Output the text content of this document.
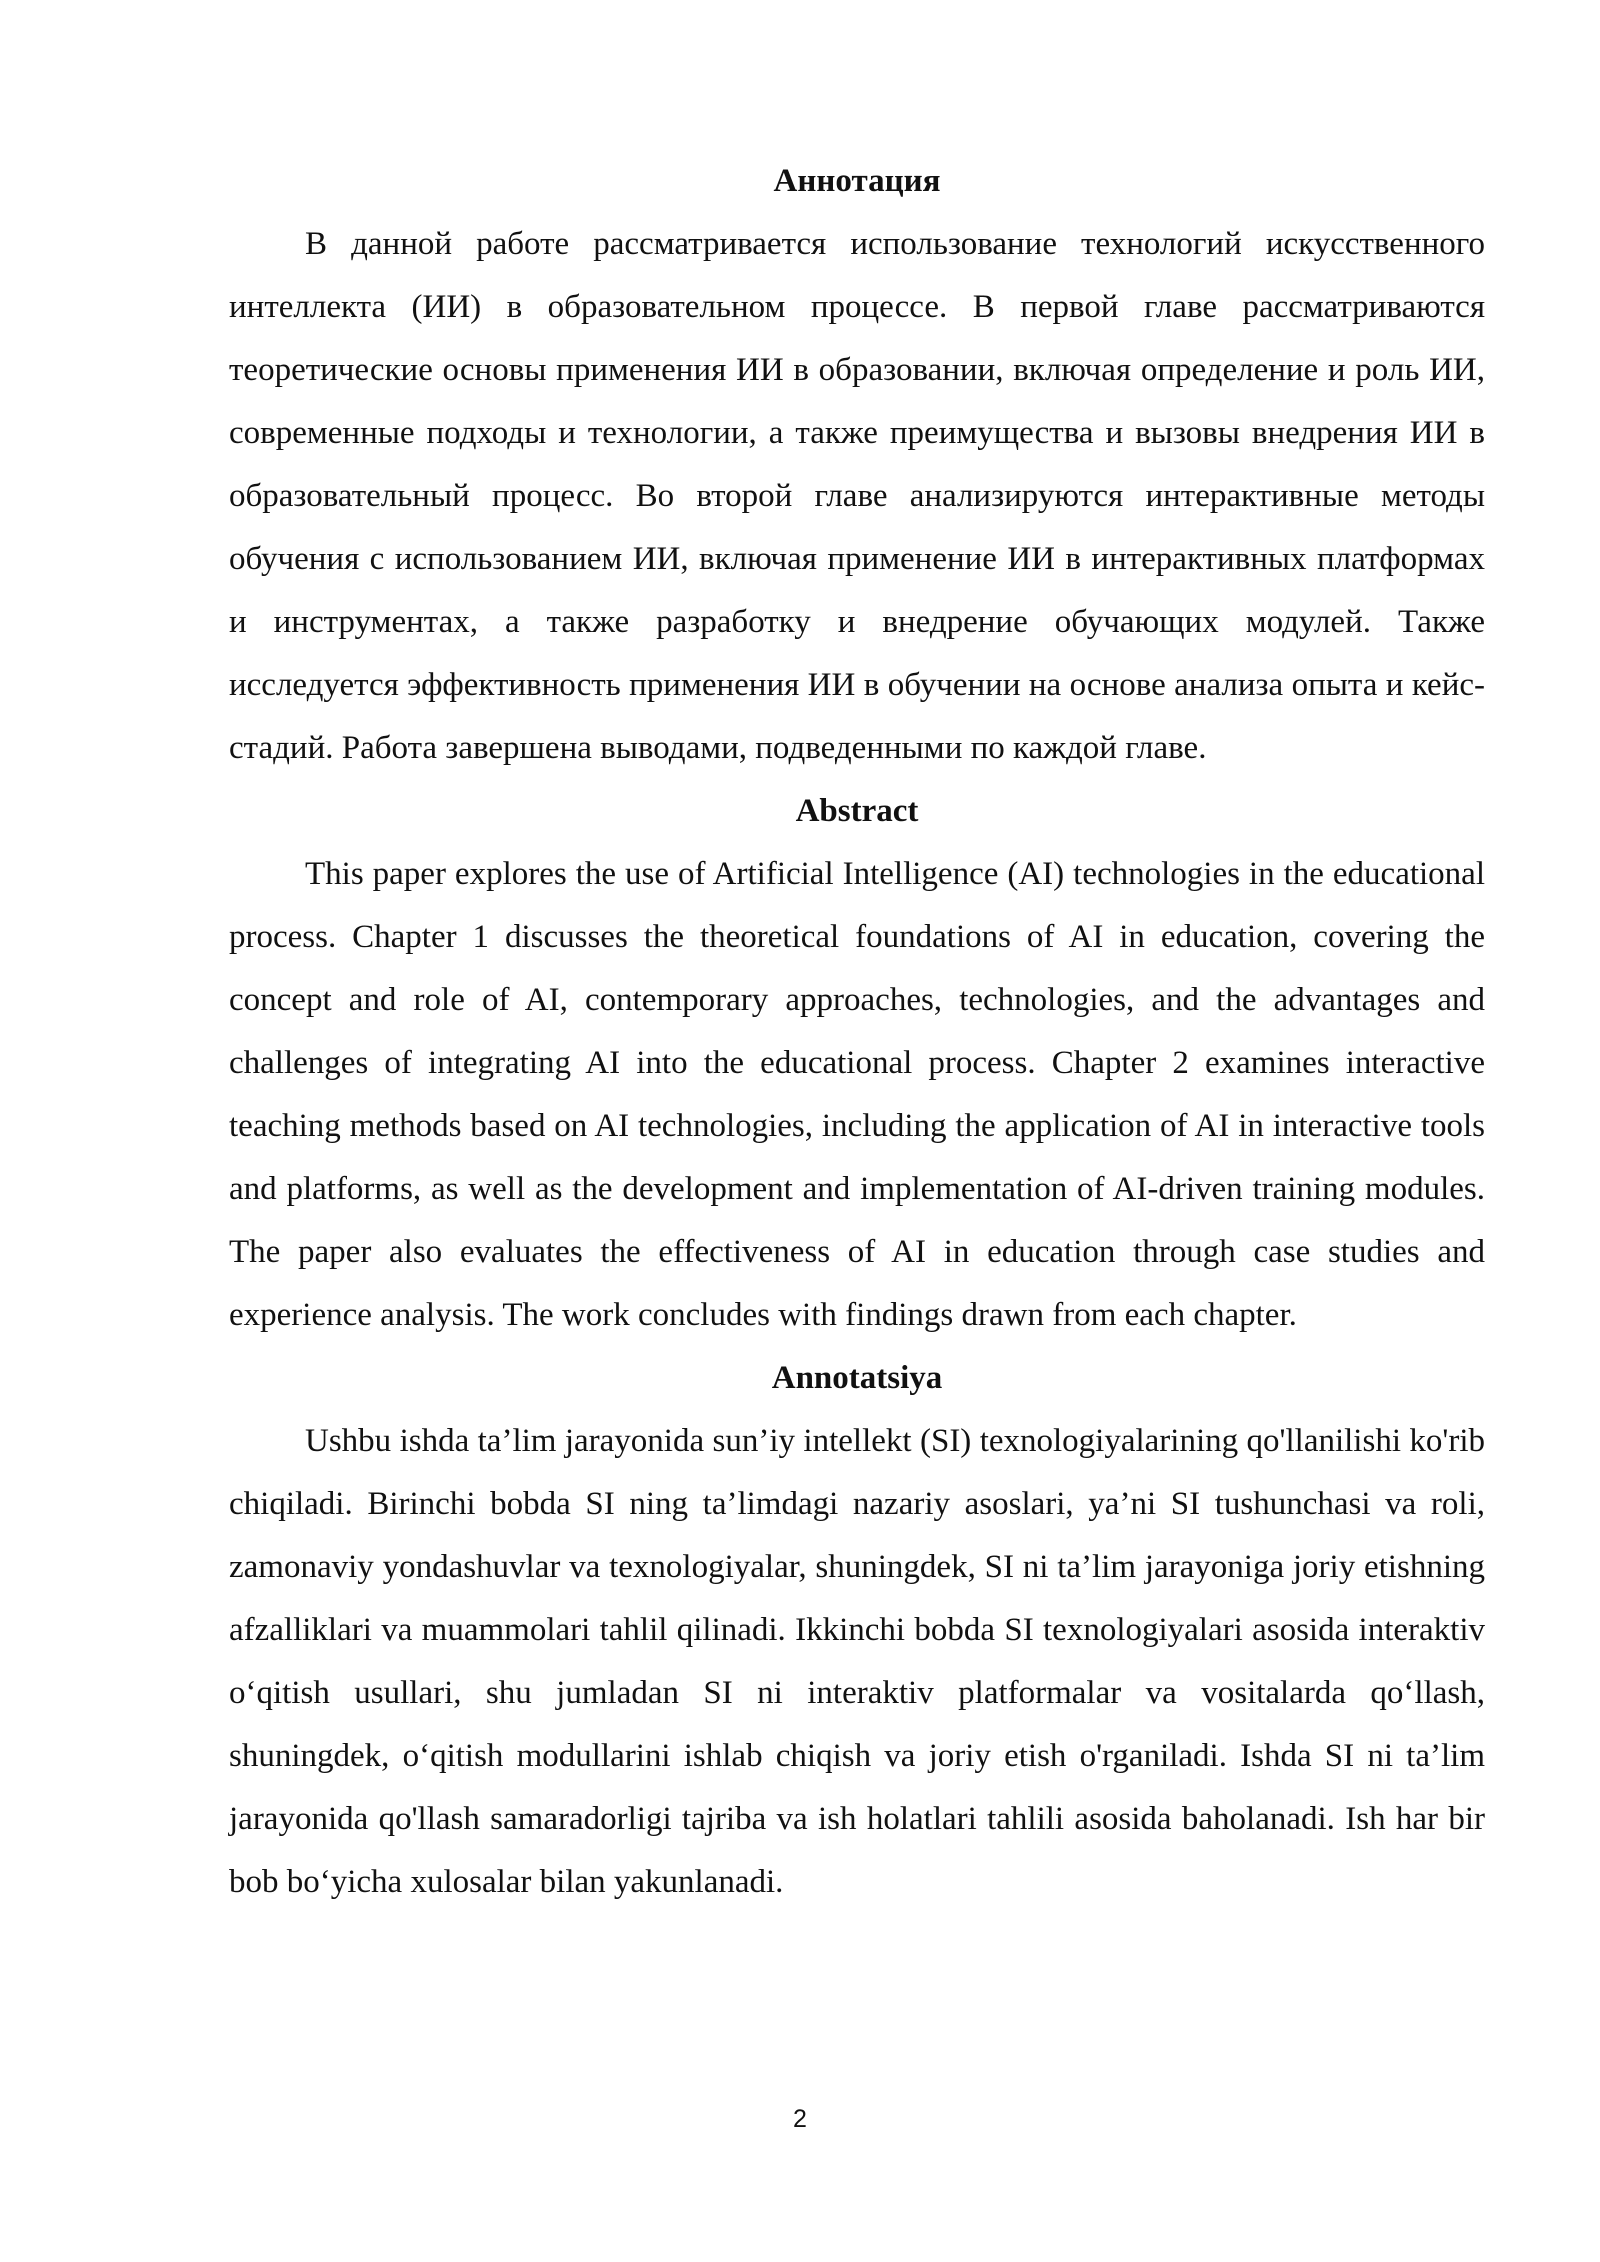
Аннотация

В данной работе рассматривается использование технологий искусственного интеллекта (ИИ) в образовательном процессе. В первой главе рассматриваются теоретические основы применения ИИ в образовании, включая определение и роль ИИ, современные подходы и технологии, а также преимущества и вызовы внедрения ИИ в образовательный процесс. Во второй главе анализируются интерактивные методы обучения с использованием ИИ, включая применение ИИ в интерактивных платформах и инструментах, а также разработку и внедрение обучающих модулей. Также исследуется эффективность применения ИИ в обучении на основе анализа опыта и кейс-стадий. Работа завершена выводами, подведенными по каждой главе.

Abstract

This paper explores the use of Artificial Intelligence (AI) technologies in the educational process. Chapter 1 discusses the theoretical foundations of AI in education, covering the concept and role of AI, contemporary approaches, technologies, and the advantages and challenges of integrating AI into the educational process. Chapter 2 examines interactive teaching methods based on AI technologies, including the application of AI in interactive tools and platforms, as well as the development and implementation of AI-driven training modules. The paper also evaluates the effectiveness of AI in education through case studies and experience analysis. The work concludes with findings drawn from each chapter.

Annotatsiya

Ushbu ishda ta’lim jarayonida sun’iy intellekt (SI) texnologiyalarining qo'llanilishi ko'rib chiqiladi. Birinchi bobda SI ning ta’limdagi nazariy asoslari, ya’ni SI tushunchasi va roli, zamonaviy yondashuvlar va texnologiyalar, shuningdek, SI ni ta’lim jarayoniga joriy etishning afzalliklari va muammolari tahlil qilinadi. Ikkinchi bobda SI texnologiyalari asosida interaktiv o‘qitish usullari, shu jumladan SI ni interaktiv platformalar va vositalarda qo‘llash, shuningdek, o‘qitish modullarini ishlab chiqish va joriy etish o'rganiladi. Ishda SI ni ta’lim jarayonida qo'llash samaradorligi tajriba va ish holatlari tahlili asosida baholanadi. Ish har bir bob bo‘yicha xulosalar bilan yakunlanadi.

2
